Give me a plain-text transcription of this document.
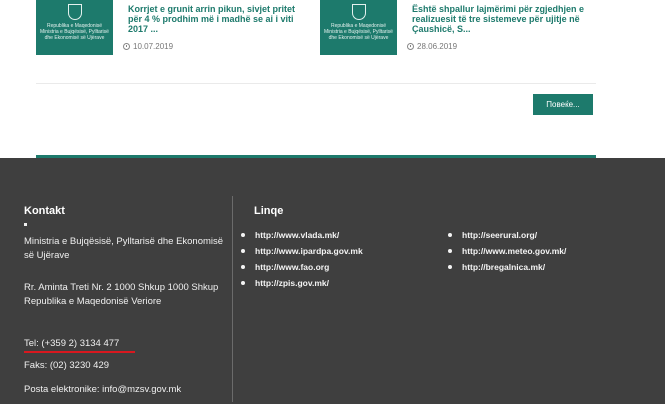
Republika e Maqedonisë Ministria e Bujqësisë, Pylltarisë dhe Ekonomisë së Ujërave
Korrjet e grunit arrin pikun, sivjet pritet për 4 % prodhim më i madhë se ai i viti 2017 ...
10.07.2019
Republika e Maqedonisë Ministria e Bujqësisë, Pylltarisë dhe Ekonomisë së Ujërave
Është shpallur lajmërimi për zgjedhjen e realizuesit të tre sistemeve për ujitje në Çaushicë, S...
28.06.2019
Повеќе...
Kontakt
Ministria e Bujqësisë, Pylltarisë dhe Ekonomisë së Ujërave
Rr. Aminta Treti Nr. 2 1000 Shkup 1000 Shkup Republika e Maqedonisë Veriore
Tel: (+359 2) 3134 477
Faks: (02) 3230 429
Posta elektronike: info@mzsv.gov.mk
Linqe
http://www.vlada.mk/
http://www.ipardpa.gov.mk
http://www.fao.org
http://zpis.gov.mk/
http://seerural.org/
http://www.meteo.gov.mk/
http://bregalnica.mk/
